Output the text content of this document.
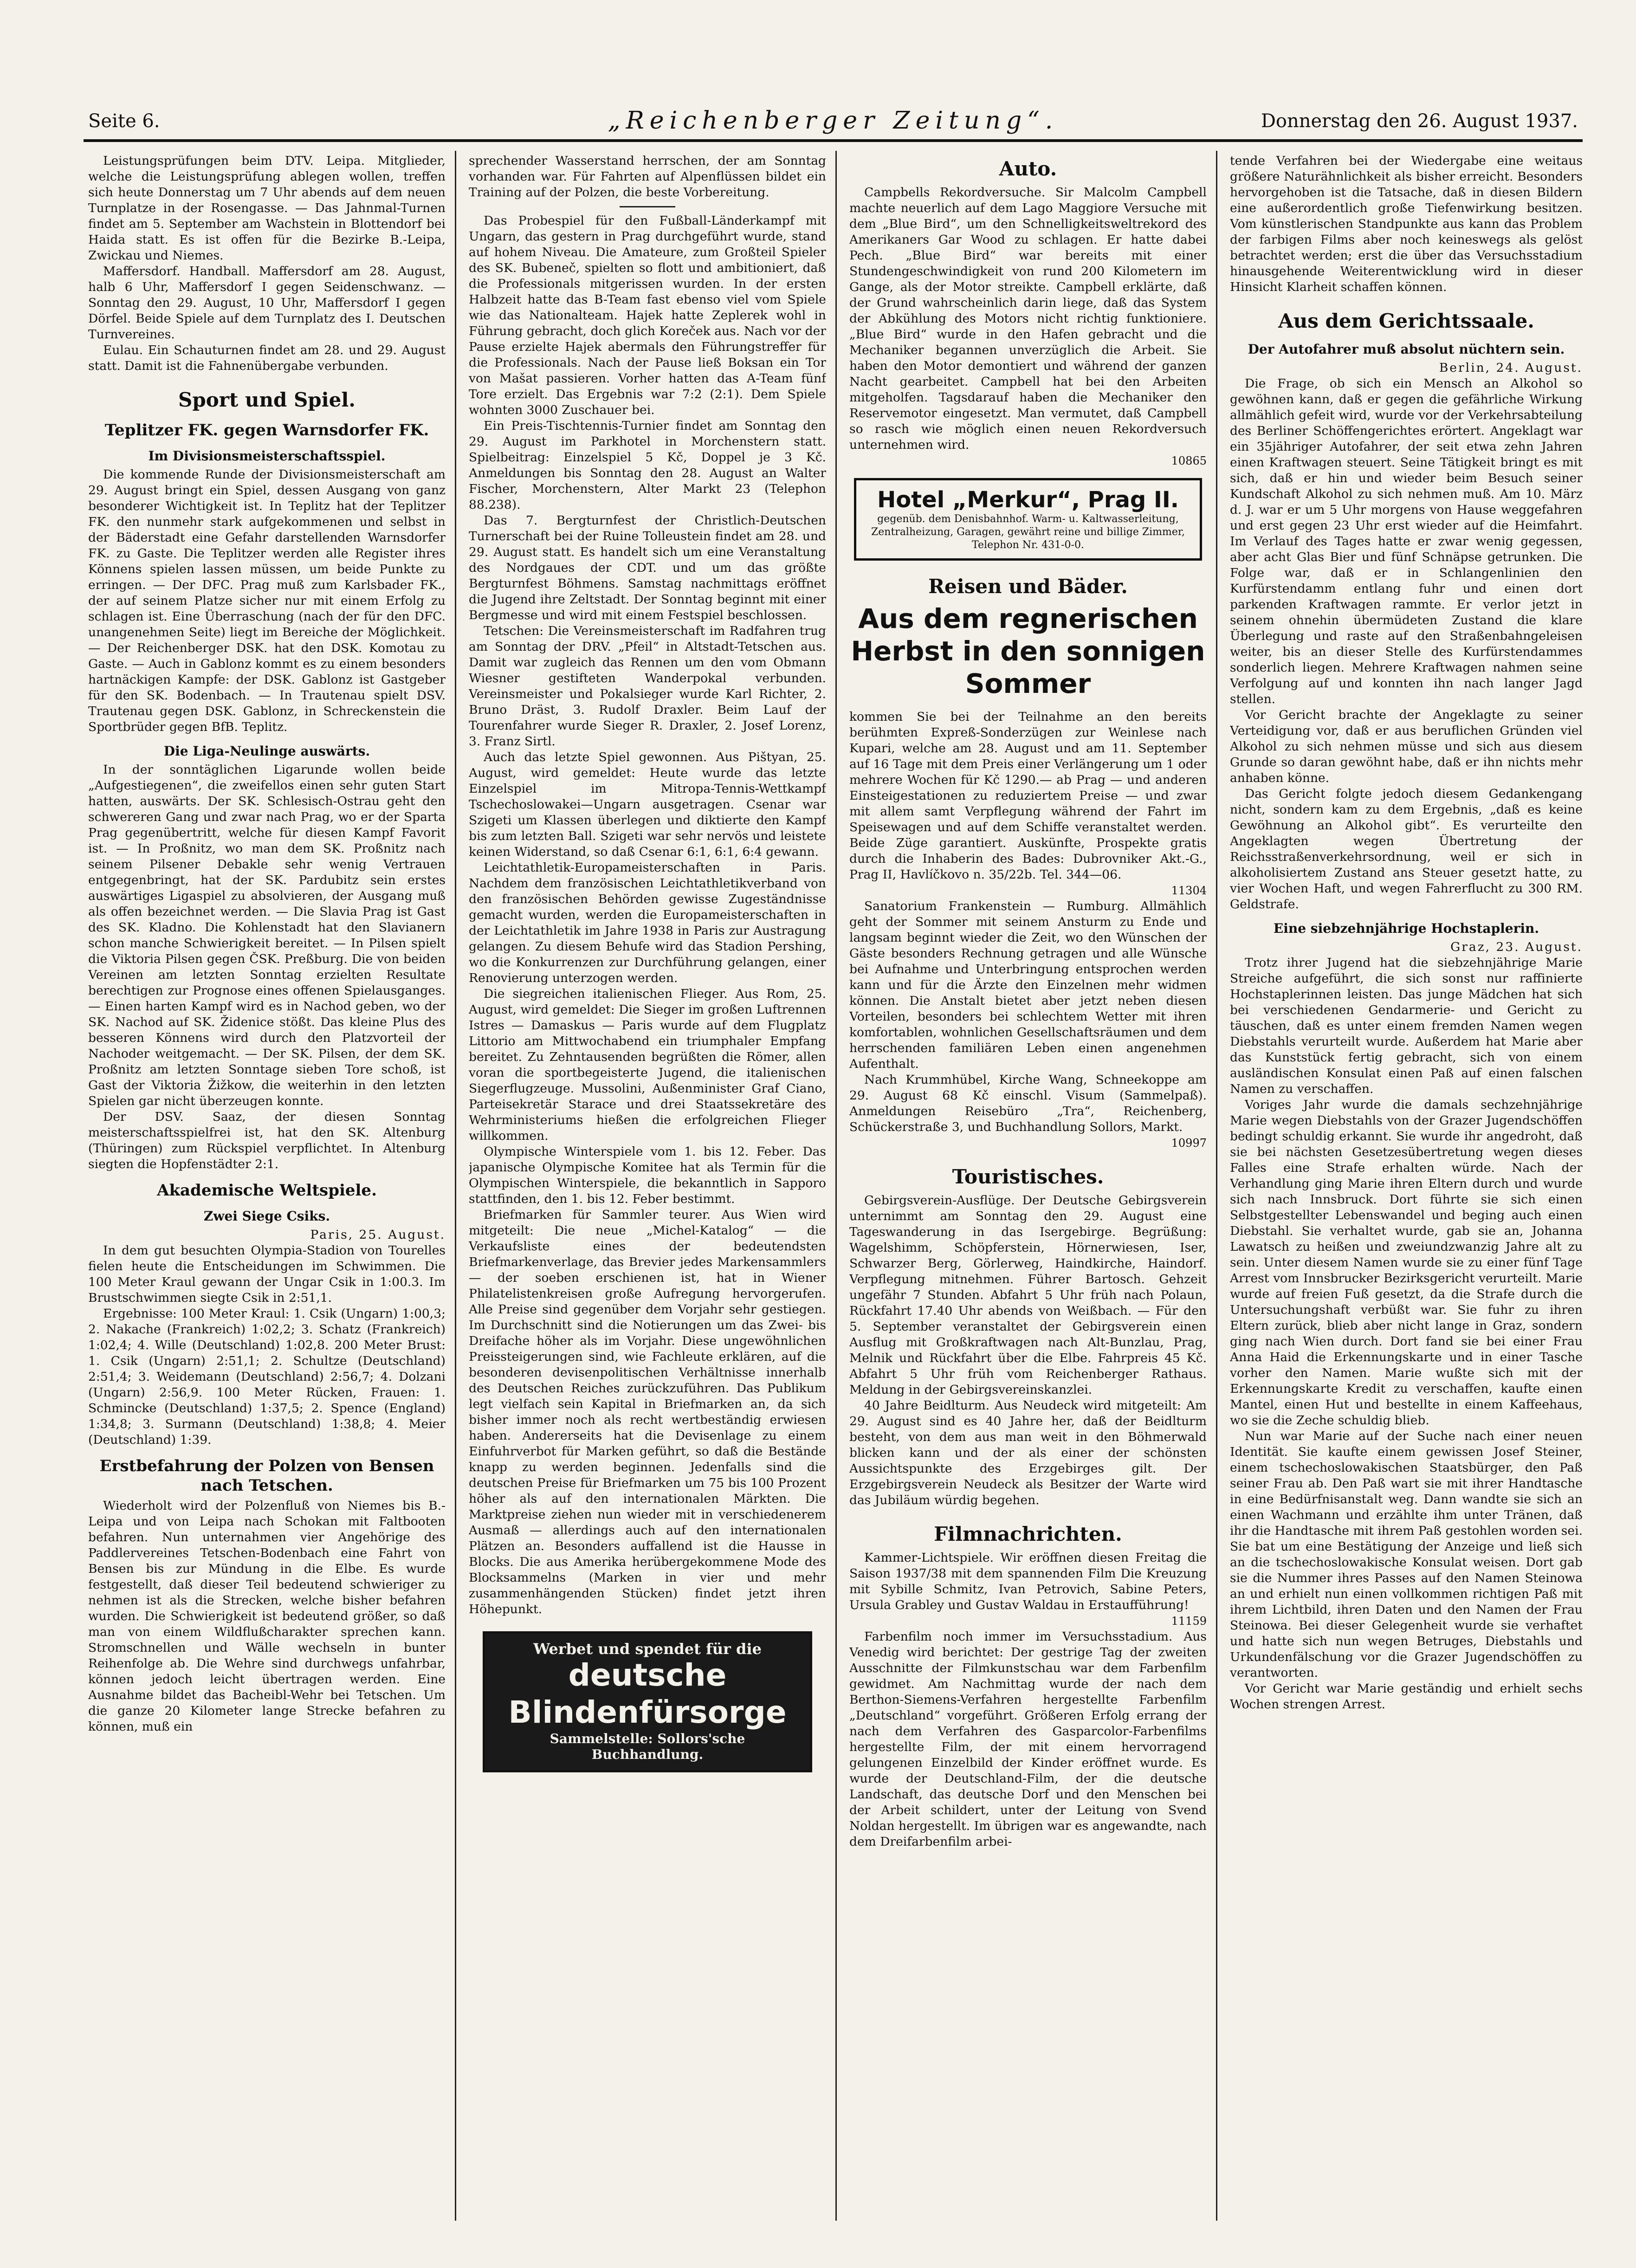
Seite 6.	„Reichenberger Zeitung“.	Donnerstag den 26. August 1937.

Leistungsprüfungen beim DTV. Leipa. Mitglieder, welche die Leistungsprüfung ablegen wollen, treffen sich heute Donnerstag um 7 Uhr abends auf dem neuen Turnplatze in der Rosengasse. — Das Jahnmal-Turnen findet am 5. September am Wachstein in Blottendorf bei Haida statt. Es ist offen für die Bezirke B.-Leipa, Zwickau und Niemes.

Maffersdorf. Handball. Maffersdorf am 28. August, halb 6 Uhr, Maffersdorf I gegen Seidenschwanz. — Sonntag den 29. August, 10 Uhr, Maffersdorf I gegen Dörfel. Beide Spiele auf dem Turnplatz des I. Deutschen Turnvereines.

Eulau. Ein Schauturnen findet am 28. und 29. August statt. Damit ist die Fahnenübergabe verbunden.

Sport und Spiel.
Teplitzer FK. gegen Warnsdorfer FK.
Im Divisionsmeisterschaftsspiel.

Die kommende Runde der Divisionsmeisterschaft am 29. August bringt ein Spiel, dessen Ausgang von ganz besonderer Wichtigkeit ist. In Teplitz hat der Teplitzer FK. den nunmehr stark aufgekommenen und selbst in der Bäderstadt eine Gefahr darstellenden Warnsdorfer FK. zu Gaste. Die Teplitzer werden alle Register ihres Könnens spielen lassen müssen, um beide Punkte zu erringen. — Der DFC. Prag muß zum Karlsbader FK., der auf seinem Platze sicher nur mit einem Erfolg zu schlagen ist. Eine Überraschung (nach der für den DFC. unangenehmen Seite) liegt im Bereiche der Möglichkeit. — Der Reichenberger DSK. hat den DSK. Komotau zu Gaste. — Auch in Gablonz kommt es zu einem besonders hartnäckigen Kampfe: der DSK. Gablonz ist Gastgeber für den SK. Bodenbach. — In Trautenau spielt DSV. Trautenau gegen DSK. Gablonz, in Schreckenstein die Sportbrüder gegen BfB. Teplitz.

Die Liga-Neulinge auswärts.

In der sonntäglichen Ligarunde wollen beide „Aufgestiegenen“, die zweifellos einen sehr guten Start hatten, auswärts. Der SK. Schlesisch-Ostrau geht den schwereren Gang und zwar nach Prag, wo er der Sparta Prag gegenübertritt, welche für diesen Kampf Favorit ist. — In Proßnitz, wo man dem SK. Proßnitz nach seinem Pilsener Debakle sehr wenig Vertrauen entgegenbringt, hat der SK. Pardubitz sein erstes auswärtiges Ligaspiel zu absolvieren, der Ausgang muß als offen bezeichnet werden. — Die Slavia Prag ist Gast des SK. Kladno. Die Kohlenstadt hat den Slavianern schon manche Schwierigkeit bereitet. — In Pilsen spielt die Viktoria Pilsen gegen ČSK. Preßburg. Die von beiden Vereinen am letzten Sonntag erzielten Resultate berechtigen zur Prognose eines offenen Spielausganges. — Einen harten Kampf wird es in Nachod geben, wo der SK. Nachod auf SK. Židenice stößt. Das kleine Plus des besseren Könnens wird durch den Platzvorteil der Nachoder weitgemacht. — Der SK. Pilsen, der dem SK. Proßnitz am letzten Sonntage sieben Tore schoß, ist Gast der Viktoria Žižkow, die weiterhin in den letzten Spielen gar nicht überzeugen konnte.

Der DSV. Saaz, der diesen Sonntag meisterschaftsspielfrei ist, hat den SK. Altenburg (Thüringen) zum Rückspiel verpflichtet. In Altenburg siegten die Hopfenstädter 2:1.

Akademische Weltspiele.
Zwei Siege Csiks.
Paris, 25. August.

In dem gut besuchten Olympia-Stadion von Tourelles fielen heute die Entscheidungen im Schwimmen. Die 100 Meter Kraul gewann der Ungar Csik in 1:00.3. Im Brustschwimmen siegte Csik in 2:51,1.

Ergebnisse: 100 Meter Kraul: 1. Csik (Ungarn) 1:00,3; 2. Nakache (Frankreich) 1:02,2; 3. Schatz (Frankreich) 1:02,4; 4. Wille (Deutschland) 1:02,8. 200 Meter Brust: 1. Csik (Ungarn) 2:51,1; 2. Schultze (Deutschland) 2:51,4; 3. Weidemann (Deutschland) 2:56,7; 4. Dolzani (Ungarn) 2:56,9. 100 Meter Rücken, Frauen: 1. Schmincke (Deutschland) 1:37,5; 2. Spence (England) 1:34,8; 3. Surmann (Deutschland) 1:38,8; 4. Meier (Deutschland) 1:39.

Erstbefahrung der Polzen von Bensen nach Tetschen.

Wiederholt wird der Polzenfluß von Niemes bis B.-Leipa und von Leipa nach Schokan mit Faltbooten befahren. Nun unternahmen vier Angehörige des Paddlervereines Tetschen-Bodenbach eine Fahrt von Bensen bis zur Mündung in die Elbe. Es wurde festgestellt, daß dieser Teil bedeutend schwieriger zu nehmen ist als die Strecken, welche bisher befahren wurden. Die Schwierigkeit ist bedeutend größer, so daß man von einem Wildflußcharakter sprechen kann. Stromschnellen und Wälle wechseln in bunter Reihenfolge ab. Die Wehre sind durchwegs unfahrbar, können jedoch leicht übertragen werden. Eine Ausnahme bildet das Bacheibl-Wehr bei Tetschen. Um die ganze 20 Kilometer lange Strecke befahren zu können, muß ein

sprechender Wasserstand herrschen, der am Sonntag vorhanden war. Für Fahrten auf Alpenflüssen bildet ein Training auf der Polzen, die beste Vorbereitung.

Das Probespiel für den Fußball-Länderkampf mit Ungarn, das gestern in Prag durchgeführt wurde, stand auf hohem Niveau. Die Amateure, zum Großteil Spieler des SK. Bubeneč, spielten so flott und ambitioniert, daß die Professionals mitgerissen wurden. In der ersten Halbzeit hatte das B-Team fast ebenso viel vom Spiele wie das Nationalteam. Hajek hatte Zeplerek wohl in Führung gebracht, doch glich Koreček aus. Nach vor der Pause erzielte Hajek abermals den Führungstreffer für die Professionals. Nach der Pause ließ Boksan ein Tor von Mašat passieren. Vorher hatten das A-Team fünf Tore erzielt. Das Ergebnis war 7:2 (2:1). Dem Spiele wohnten 3000 Zuschauer bei.

Ein Preis-Tischtennis-Turnier findet am Sonntag den 29. August im Parkhotel in Morchenstern statt. Spielbeitrag: Einzelspiel 5 Kč, Doppel je 3 Kč. Anmeldungen bis Sonntag den 28. August an Walter Fischer, Morchenstern, Alter Markt 23 (Telephon 88.238).

Das 7. Bergturnfest der Christlich-Deutschen Turnerschaft bei der Ruine Tolleustein findet am 28. und 29. August statt. Es handelt sich um eine Veranstaltung des Nordgaues der CDT. und um das größte Bergturnfest Böhmens. Samstag nachmittags eröffnet die Jugend ihre Zeltstadt. Der Sonntag beginnt mit einer Bergmesse und wird mit einem Festspiel beschlossen.

Tetschen: Die Vereinsmeisterschaft im Radfahren trug am Sonntag der DRV. „Pfeil“ in Altstadt-Tetschen aus. Damit war zugleich das Rennen um den vom Obmann Wiesner gestifteten Wanderpokal verbunden. Vereinsmeister und Pokalsieger wurde Karl Richter, 2. Bruno Dräst, 3. Rudolf Draxler. Beim Lauf der Tourenfahrer wurde Sieger R. Draxler, 2. Josef Lorenz, 3. Franz Sirtl.

Auch das letzte Spiel gewonnen. Aus Pištyan, 25. August, wird gemeldet: Heute wurde das letzte Einzelspiel im Mitropa-Tennis-Wettkampf Tschechoslowakei—Ungarn ausgetragen. Csenar war Szigeti um Klassen überlegen und diktierte den Kampf bis zum letzten Ball. Szigeti war sehr nervös und leistete keinen Widerstand, so daß Csenar 6:1, 6:1, 6:4 gewann.

Leichtathletik-Europameisterschaften in Paris. Nachdem dem französischen Leichtathletikverband von den französischen Behörden gewisse Zugeständnisse gemacht wurden, werden die Europameisterschaften in der Leichtathletik im Jahre 1938 in Paris zur Austragung gelangen. Zu diesem Behufe wird das Stadion Pershing, wo die Konkurrenzen zur Durchführung gelangen, einer Renovierung unterzogen werden.

Die siegreichen italienischen Flieger. Aus Rom, 25. August, wird gemeldet: Die Sieger im großen Luftrennen Istres — Damaskus — Paris wurde auf dem Flugplatz Littorio am Mittwochabend ein triumphaler Empfang bereitet. Zu Zehntausenden begrüßten die Römer, allen voran die sportbegeisterte Jugend, die italienischen Siegerflugzeuge. Mussolini, Außenminister Graf Ciano, Parteisekretär Starace und drei Staatssekretäre des Wehrministeriums hießen die erfolgreichen Flieger willkommen.

Olympische Winterspiele vom 1. bis 12. Feber. Das japanische Olympische Komitee hat als Termin für die Olympischen Winterspiele, die bekanntlich in Sapporo stattfinden, den 1. bis 12. Feber bestimmt.

Briefmarken für Sammler teurer. Aus Wien wird mitgeteilt: Die neue „Michel-Katalog“ — die Verkaufsliste eines der bedeutendsten Briefmarkenverlage, das Brevier jedes Markensammlers — der soeben erschienen ist, hat in Wiener Philatelistenkreisen große Aufregung hervorgerufen. Alle Preise sind gegenüber dem Vorjahr sehr gestiegen. Im Durchschnitt sind die Notierungen um das Zwei- bis Dreifache höher als im Vorjahr. Diese ungewöhnlichen Preissteigerungen sind, wie Fachleute erklären, auf die besonderen devisenpolitischen Verhältnisse innerhalb des Deutschen Reiches zurückzuführen. Das Publikum legt vielfach sein Kapital in Briefmarken an, da sich bisher immer noch als recht wertbeständig erwiesen haben. Andererseits hat die Devisenlage zu einem Einfuhrverbot für Marken geführt, so daß die Bestände knapp zu werden beginnen. Jedenfalls sind die deutschen Preise für Briefmarken um 75 bis 100 Prozent höher als auf den internationalen Märkten. Die Marktpreise ziehen nun wieder mit in verschiedenerem Ausmaß — allerdings auch auf den internationalen Plätzen an. Besonders auffallend ist die Hausse in Blocks. Die aus Amerika herübergekommene Mode des Blocksammelns (Marken in vier und mehr zusammenhängenden Stücken) findet jetzt ihren Höhepunkt.

Werbet und spendet für die
deutsche Blindenfürsorge
Sammelstelle: Sollors'sche Buchhandlung.
Auto.

Campbells Rekordversuche. Sir Malcolm Campbell machte neuerlich auf dem Lago Maggiore Versuche mit dem „Blue Bird“, um den Schnelligkeitsweltrekord des Amerikaners Gar Wood zu schlagen. Er hatte dabei Pech. „Blue Bird“ war bereits mit einer Stundengeschwindigkeit von rund 200 Kilometern im Gange, als der Motor streikte. Campbell erklärte, daß der Grund wahrscheinlich darin liege, daß das System der Abkühlung des Motors nicht richtig funktioniere. „Blue Bird“ wurde in den Hafen gebracht und die Mechaniker begannen unverzüglich die Arbeit. Sie haben den Motor demontiert und während der ganzen Nacht gearbeitet. Campbell hat bei den Arbeiten mitgeholfen. Tagsdarauf haben die Mechaniker den Reservemotor eingesetzt. Man vermutet, daß Campbell so rasch wie möglich einen neuen Rekordversuch unternehmen wird.

10865
Hotel „Merkur“, Prag II.
gegenüb. dem Denisbahnhof. Warm- u. Kaltwasserleitung, Zentralheizung, Garagen, gewährt reine und billige Zimmer, Telephon Nr. 431-0-0.
Reisen und Bäder.
Aus dem regnerischen Herbst in den sonnigen Sommer

kommen Sie bei der Teilnahme an den bereits berühmten Expreß-Sonderzügen zur Weinlese nach Kupari, welche am 28. August und am 11. September auf 16 Tage mit dem Preis einer Verlängerung um 1 oder mehrere Wochen für Kč 1290.— ab Prag — und anderen Einsteigestationen zu reduziertem Preise — und zwar mit allem samt Verpflegung während der Fahrt im Speisewagen und auf dem Schiffe veranstaltet werden. Beide Züge garantiert. Auskünfte, Prospekte gratis durch die Inhaberin des Bades: Dubrovniker Akt.-G., Prag II, Havlíčkovo n. 35/22b. Tel. 344—06.

11304

Sanatorium Frankenstein — Rumburg. Allmählich geht der Sommer mit seinem Ansturm zu Ende und langsam beginnt wieder die Zeit, wo den Wünschen der Gäste besonders Rechnung getragen und alle Wünsche bei Aufnahme und Unterbringung entsprochen werden kann und für die Ärzte den Einzelnen mehr widmen können. Die Anstalt bietet aber jetzt neben diesen Vorteilen, besonders bei schlechtem Wetter mit ihren komfortablen, wohnlichen Gesellschaftsräumen und dem herrschenden familiären Leben einen angenehmen Aufenthalt.

Nach Krummhübel, Kirche Wang, Schneekoppe am 29. August 68 Kč einschl. Visum (Sammelpaß). Anmeldungen Reisebüro „Tra“, Reichenberg, Schückerstraße 3, und Buchhandlung Sollors, Markt.

10997
Touristisches.

Gebirgsverein-Ausflüge. Der Deutsche Gebirgsverein unternimmt am Sonntag den 29. August eine Tageswanderung in das Isergebirge. Begrüßung: Wagelshimm, Schöpferstein, Hörnerwiesen, Iser, Schwarzer Berg, Görlerweg, Haindkirche, Haindorf. Verpflegung mitnehmen. Führer Bartosch. Gehzeit ungefähr 7 Stunden. Abfahrt 5 Uhr früh nach Polaun, Rückfahrt 17.40 Uhr abends von Weißbach. — Für den 5. September veranstaltet der Gebirgsverein einen Ausflug mit Großkraftwagen nach Alt-Bunzlau, Prag, Melnik und Rückfahrt über die Elbe. Fahrpreis 45 Kč. Abfahrt 5 Uhr früh vom Reichenberger Rathaus. Meldung in der Gebirgsvereinskanzlei.

40 Jahre Beidlturm. Aus Neudeck wird mitgeteilt: Am 29. August sind es 40 Jahre her, daß der Beidlturm besteht, von dem aus man weit in den Böhmerwald blicken kann und der als einer der schönsten Aussichtspunkte des Erzgebirges gilt. Der Erzgebirgsverein Neudeck als Besitzer der Warte wird das Jubiläum würdig begehen.

Filmnachrichten.

Kammer-Lichtspiele. Wir eröffnen diesen Freitag die Saison 1937/38 mit dem spannenden Film Die Kreuzung mit Sybille Schmitz, Ivan Petrovich, Sabine Peters, Ursula Grabley und Gustav Waldau in Erstaufführung!

11159

Farbenfilm noch immer im Versuchsstadium. Aus Venedig wird berichtet: Der gestrige Tag der zweiten Ausschnitte der Filmkunstschau war dem Farbenfilm gewidmet. Am Nachmittag wurde der nach dem Berthon-Siemens-Verfahren hergestellte Farbenfilm „Deutschland“ vorgeführt. Größeren Erfolg errang der nach dem Verfahren des Gasparcolor-Farbenfilms hergestellte Film, der mit einem hervorragend gelungenen Einzelbild der Kinder eröffnet wurde. Es wurde der Deutschland-Film, der die deutsche Landschaft, das deutsche Dorf und den Menschen bei der Arbeit schildert, unter der Leitung von Svend Noldan hergestellt. Im übrigen war es angewandte, nach dem Dreifarbenfilm arbei-

tende Verfahren bei der Wiedergabe eine weitaus größere Naturähnlichkeit als bisher erreicht. Besonders hervorgehoben ist die Tatsache, daß in diesen Bildern eine außerordentlich große Tiefenwirkung besitzen. Vom künstlerischen Standpunkte aus kann das Problem der farbigen Films aber noch keineswegs als gelöst betrachtet werden; erst die über das Versuchsstadium hinausgehende Weiterentwicklung wird in dieser Hinsicht Klarheit schaffen können.

Aus dem Gerichtssaale.
Der Autofahrer muß absolut nüchtern sein.
Berlin, 24. August.

Die Frage, ob sich ein Mensch an Alkohol so gewöhnen kann, daß er gegen die gefährliche Wirkung allmählich gefeit wird, wurde vor der Verkehrsabteilung des Berliner Schöffengerichtes erörtert. Angeklagt war ein 35jähriger Autofahrer, der seit etwa zehn Jahren einen Kraftwagen steuert. Seine Tätigkeit bringt es mit sich, daß er hin und wieder beim Besuch seiner Kundschaft Alkohol zu sich nehmen muß. Am 10. März d. J. war er um 5 Uhr morgens von Hause weggefahren und erst gegen 23 Uhr erst wieder auf die Heimfahrt. Im Verlauf des Tages hatte er zwar wenig gegessen, aber acht Glas Bier und fünf Schnäpse getrunken. Die Folge war, daß er in Schlangenlinien den Kurfürstendamm entlang fuhr und einen dort parkenden Kraftwagen rammte. Er verlor jetzt in seinem ohnehin übermüdeten Zustand die klare Überlegung und raste auf den Straßenbahngeleisen weiter, bis an dieser Stelle des Kurfürstendammes sonderlich liegen. Mehrere Kraftwagen nahmen seine Verfolgung auf und konnten ihn nach langer Jagd stellen.

Vor Gericht brachte der Angeklagte zu seiner Verteidigung vor, daß er aus beruflichen Gründen viel Alkohol zu sich nehmen müsse und sich aus diesem Grunde so daran gewöhnt habe, daß er ihn nichts mehr anhaben könne.

Das Gericht folgte jedoch diesem Gedankengang nicht, sondern kam zu dem Ergebnis, „daß es keine Gewöhnung an Alkohol gibt“. Es verurteilte den Angeklagten wegen Übertretung der Reichsstraßenverkehrsordnung, weil er sich in alkoholisiertem Zustand ans Steuer gesetzt hatte, zu vier Wochen Haft, und wegen Fahrerflucht zu 300 RM. Geldstrafe.

Eine siebzehnjährige Hochstaplerin.
Graz, 23. August.

Trotz ihrer Jugend hat die siebzehnjährige Marie Streiche aufgeführt, die sich sonst nur raffinierte Hochstaplerinnen leisten. Das junge Mädchen hat sich bei verschiedenen Gendarmerie- und Gericht zu täuschen, daß es unter einem fremden Namen wegen Diebstahls verurteilt wurde. Außerdem hat Marie aber das Kunststück fertig gebracht, sich von einem ausländischen Konsulat einen Paß auf einen falschen Namen zu verschaffen.

Voriges Jahr wurde die damals sechzehnjährige Marie wegen Diebstahls von der Grazer Jugendschöffen bedingt schuldig erkannt. Sie wurde ihr angedroht, daß sie bei nächsten Gesetzesübertretung wegen dieses Falles eine Strafe erhalten würde. Nach der Verhandlung ging Marie ihren Eltern durch und wurde sich nach Innsbruck. Dort führte sie sich einen Selbstgestellter Lebenswandel und beging auch einen Diebstahl. Sie verhaltet wurde, gab sie an, Johanna Lawatsch zu heißen und zweiundzwanzig Jahre alt zu sein. Unter diesem Namen wurde sie zu einer fünf Tage Arrest vom Innsbrucker Bezirksgericht verurteilt. Marie wurde auf freien Fuß gesetzt, da die Strafe durch die Untersuchungshaft verbüßt war. Sie fuhr zu ihren Eltern zurück, blieb aber nicht lange in Graz, sondern ging nach Wien durch. Dort fand sie bei einer Frau Anna Haid die Erkennungskarte und in einer Tasche vorher den Namen. Marie wußte sich mit der Erkennungskarte Kredit zu verschaffen, kaufte einen Mantel, einen Hut und bestellte in einem Kaffeehaus, wo sie die Zeche schuldig blieb.

Nun war Marie auf der Suche nach einer neuen Identität. Sie kaufte einem gewissen Josef Steiner, einem tschechoslowakischen Staatsbürger, den Paß seiner Frau ab. Den Paß wart sie mit ihrer Handtasche in eine Bedürfnisanstalt weg. Dann wandte sie sich an einen Wachmann und erzählte ihm unter Tränen, daß ihr die Handtasche mit ihrem Paß gestohlen worden sei. Sie bat um eine Bestätigung der Anzeige und ließ sich an die tschechoslowakische Konsulat weisen. Dort gab sie die Nummer ihres Passes auf den Namen Steinowa an und erhielt nun einen vollkommen richtigen Paß mit ihrem Lichtbild, ihren Daten und den Namen der Frau Steinowa. Bei dieser Gelegenheit wurde sie verhaftet und hatte sich nun wegen Betruges, Diebstahls und Urkundenfälschung vor die Grazer Jugendschöffen zu verantworten.

Vor Gericht war Marie geständig und erhielt sechs Wochen strengen Arrest.
